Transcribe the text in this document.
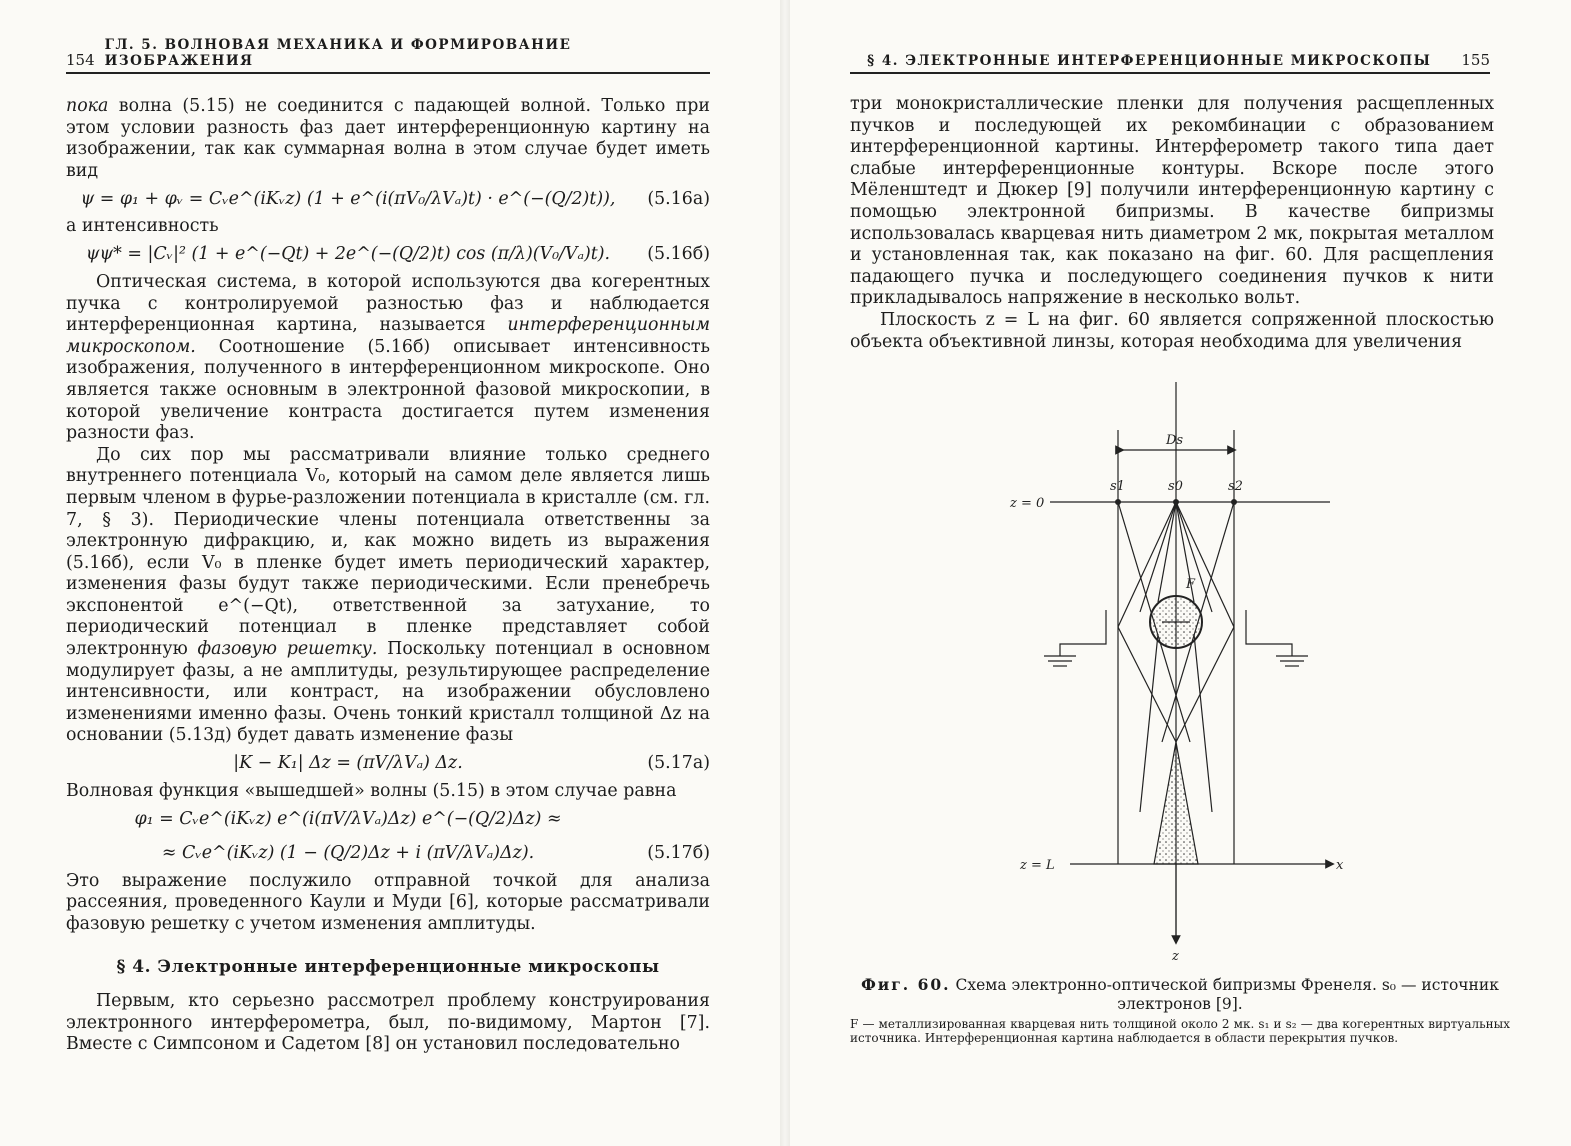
154
ГЛ. 5. ВОЛНОВАЯ МЕХАНИКА И ФОРМИРОВАНИЕ ИЗОБРАЖЕНИЯ

пока волна (5.15) не соединится с падающей волной. Только при этом условии разность фаз дает интерференционную картину на изображении, так как суммарная волна в этом случае будет иметь вид

ψ = φ₁ + φᵥ = Cᵥe^(iKᵥz) (1 + e^(i(πV₀/λVₐ)t) · e^(−(Q/2)t)),	(5.16а)

а интенсивность

ψψ* = |Cᵥ|² (1 + e^(−Qt) + 2e^(−(Q/2)t) cos (π/λ)(V₀/Vₐ)t).	(5.16б)

Оптическая система, в которой используются два когерентных пучка с контролируемой разностью фаз и наблюдается интерференционная картина, называется интерференционным микроскопом. Соотношение (5.16б) описывает интенсивность изображения, полученного в интерференционном микроскопе. Оно является также основным в электронной фазовой микроскопии, в которой увеличение контраста достигается путем изменения разности фаз.

До сих пор мы рассматривали влияние только среднего внутреннего потенциала V₀, который на самом деле является лишь первым членом в фурье-разложении потенциала в кристалле (см. гл. 7, § 3). Периодические члены потенциала ответственны за электронную дифракцию, и, как можно видеть из выражения (5.16б), если V₀ в пленке будет иметь периодический характер, изменения фазы будут также периодическими. Если пренебречь экспонентой e^(−Qt), ответственной за затухание, то периодический потенциал в пленке представляет собой электронную фазовую решетку. Поскольку потенциал в основном модулирует фазы, а не амплитуды, результирующее распределение интенсивности, или контраст, на изображении обусловлено изменениями именно фазы. Очень тонкий кристалл толщиной Δz на основании (5.13д) будет давать изменение фазы

|K − K₁| Δz = (πV/λVₐ) Δz.	(5.17а)

Волновая функция «вышедшей» волны (5.15) в этом случае равна

φ₁ = Cᵥe^(iKᵥz) e^(i(πV/λVₐ)Δz) e^(−(Q/2)Δz) ≈
≈ Cᵥe^(iKᵥz) (1 − (Q/2)Δz + i (πV/λVₐ)Δz).	(5.17б)

Это выражение послужило отправной точкой для анализа рассеяния, проведенного Каули и Муди [6], которые рассматривали фазовую решетку с учетом изменения амплитуды.

§ 4. Электронные интерференционные микроскопы

Первым, кто серьезно рассмотрел проблему конструирования электронного интерферометра, был, по-видимому, Мартон [7]. Вместе с Симпсоном и Садетом [8] он установил последовательно

§ 4. ЭЛЕКТРОННЫЕ ИНТЕРФЕРЕНЦИОННЫЕ МИКРОСКОПЫ 155

три монокристаллические пленки для получения расщепленных пучков и последующей их рекомбинации с образованием интерференционной картины. Интерферометр такого типа дает слабые интерференционные контуры. Вскоре после этого Мёленштедт и Дюкер [9] получили интерференционную картину с помощью электронной бипризмы. В качестве бипризмы использовалась кварцевая нить диаметром 2 мк, покрытая металлом и установленная так, как показано на фиг. 60. Для расщепления падающего пучка и последующего соединения пучков к нити прикладывалось напряжение в несколько вольт.

Плоскость z = L на фиг. 60 является сопряженной плоскостью объекта объективной линзы, которая необходима для увеличения

z = 0
z = L
s1	s0	s2
Ds
F
x
z
Фиг. 60. Схема электронно-оптической бипризмы Френеля. s₀ — источник электронов [9].
F — металлизированная кварцевая нить толщиной около 2 мк. s₁ и s₂ — два когерентных виртуальных источника. Интерференционная картина наблюдается в области перекрытия пучков.
